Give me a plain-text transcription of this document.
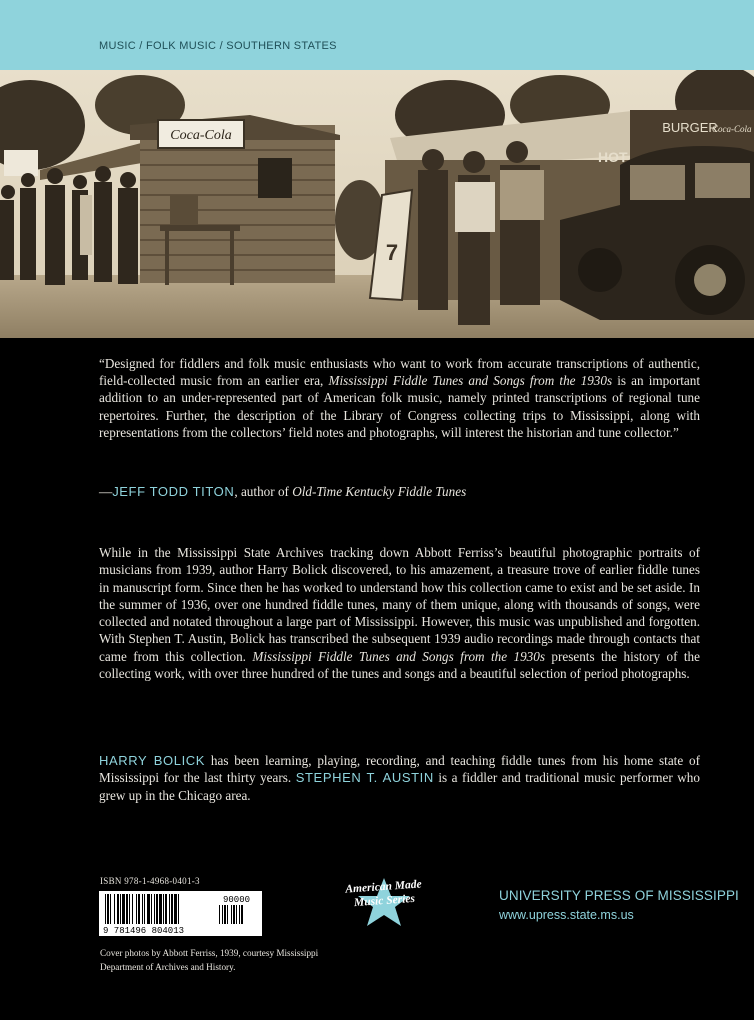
MUSIC / FOLK MUSIC / SOUTHERN STATES
Coca-Cola
BURGER
Coca-Cola
HOT
7

“Designed for fiddlers and folk music enthusiasts who want to work from accurate transcriptions of authentic, field-collected music from an earlier era, Mississippi Fiddle Tunes and Songs from the 1930s is an important addition to an under-represented part of American folk music, namely printed transcriptions of regional tune repertoires. Further, the description of the Library of Congress collecting trips to Mississippi, along with representations from the collectors’ field notes and photographs, will interest the historian and tune collector.”

—JEFF TODD TITON, author of Old-Time Kentucky Fiddle Tunes
While in the Mississippi State Archives tracking down Abbott Ferriss’s beautiful photographic portraits of musicians from 1939, author Harry Bolick discovered, to his amazement, a treasure trove of earlier fiddle tunes in manuscript form. Since then he has worked to understand how this collection came to exist and be set aside. In the summer of 1936, over one hundred fiddle tunes, many of them unique, along with thousands of songs, were collected and notated throughout a large part of Mississippi. However, this music was unpublished and forgotten. With Stephen T. Austin, Bolick has transcribed the subsequent 1939 audio recordings made through contacts that came from this collection. Mississippi Fiddle Tunes and Songs from the 1930s presents the history of the collecting work, with over three hundred of the tunes and songs and a beautiful selection of period photographs.
HARRY BOLICK has been learning, playing, recording, and teaching fiddle tunes from his home state of Mississippi for the last thirty years. STEPHEN T. AUSTIN is a fiddler and traditional music performer who grew up in the Chicago area.
ISBN 978-1-4968-0401-3
9 781496 804013
90000
Cover photos by Abbott Ferriss, 1939, courtesy Mississippi Department of Archives and History.
American Made
Music Series	UNIVERSITY PRESS OF MISSISSIPPI
www.upress.state.ms.us
